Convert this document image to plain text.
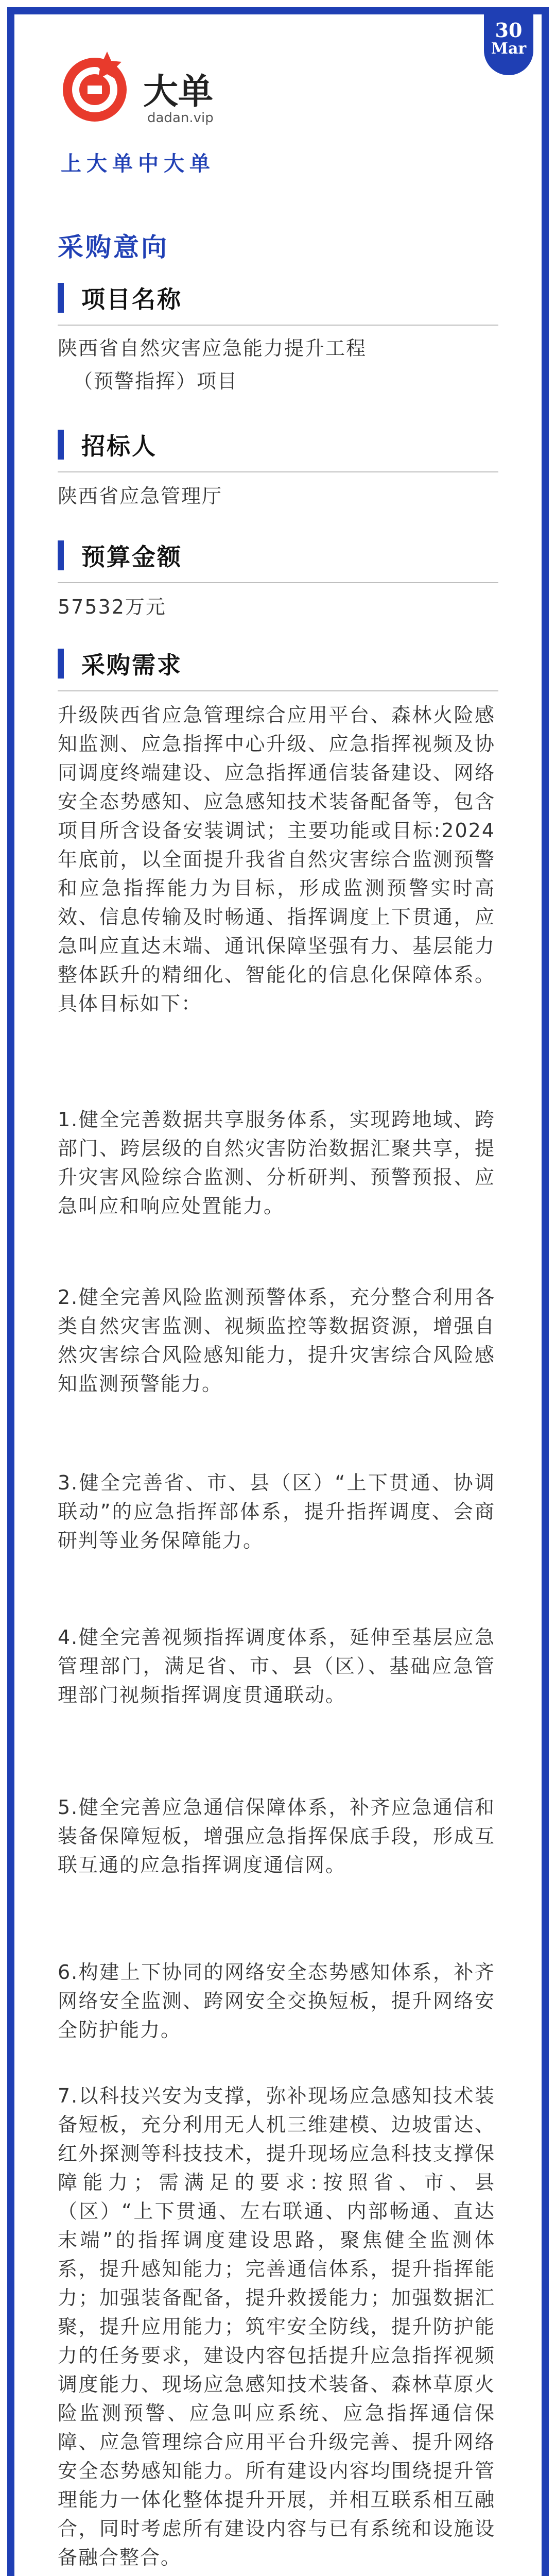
30
Mar
大单
dadan.vip
上大单中大单
采购意向
项目名称

陕西省自然灾害应急能力提升工程

（预警指挥）项目

招标人

陕西省应急管理厅

预算金额

57532万元

采购需求

升级陕西省应急管理综合应用平台、森林火险感知监测、应急指挥中心升级、应急指挥视频及协同调度终端建设、应急指挥通信装备建设、网络安全态势感知、应急感知技术装备配备等，包含项目所含设备安装调试；主要功能或目标:2024年底前，以全面提升我省自然灾害综合监测预警和应急指挥能力为目标，形成监测预警实时高效、信息传输及时畅通、指挥调度上下贯通，应急叫应直达末端、通讯保障坚强有力、基层能力整体跃升的精细化、智能化的信息化保障体系。具体目标如下：

1.健全完善数据共享服务体系，实现跨地域、跨部门、跨层级的自然灾害防治数据汇聚共享，提升灾害风险综合监测、分析研判、预警预报、应急叫应和响应处置能力。

2.健全完善风险监测预警体系，充分整合利用各类自然灾害监测、视频监控等数据资源，增强自然灾害综合风险感知能力，提升灾害综合风险感知监测预警能力。

3.健全完善省、市、县（区）“上下贯通、协调联动”的应急指挥部体系，提升指挥调度、会商研判等业务保障能力。

4.健全完善视频指挥调度体系，延伸至基层应急管理部门，满足省、市、县（区）、基础应急管理部门视频指挥调度贯通联动。

5.健全完善应急通信保障体系，补齐应急通信和装备保障短板，增强应急指挥保底手段，形成互联互通的应急指挥调度通信网。

6.构建上下协同的网络安全态势感知体系，补齐网络安全监测、跨网安全交换短板，提升网络安全防护能力。

7.以科技兴安为支撑，弥补现场应急感知技术装备短板，充分利用无人机三维建模、边坡雷达、红外探测等科技技术，提升现场应急科技支撑保障能力；需满足的要求:按照省、市、县（区）“上下贯通、左右联通、内部畅通、直达末端”的指挥调度建设思路，聚焦健全监测体系，提升感知能力；完善通信体系，提升指挥能力；加强装备配备，提升救援能力；加强数据汇聚，提升应用能力；筑牢安全防线，提升防护能力的任务要求，建设内容包括提升应急指挥视频调度能力、现场应急感知技术装备、森林草原火险监测预警、应急叫应系统、应急指挥通信保障、应急管理综合应用平台升级完善、提升网络安全态势感知能力。所有建设内容均围绕提升管理能力一体化整体提升开展，并相互联系相互融合，同时考虑所有建设内容与已有系统和设施设备融合整合。
